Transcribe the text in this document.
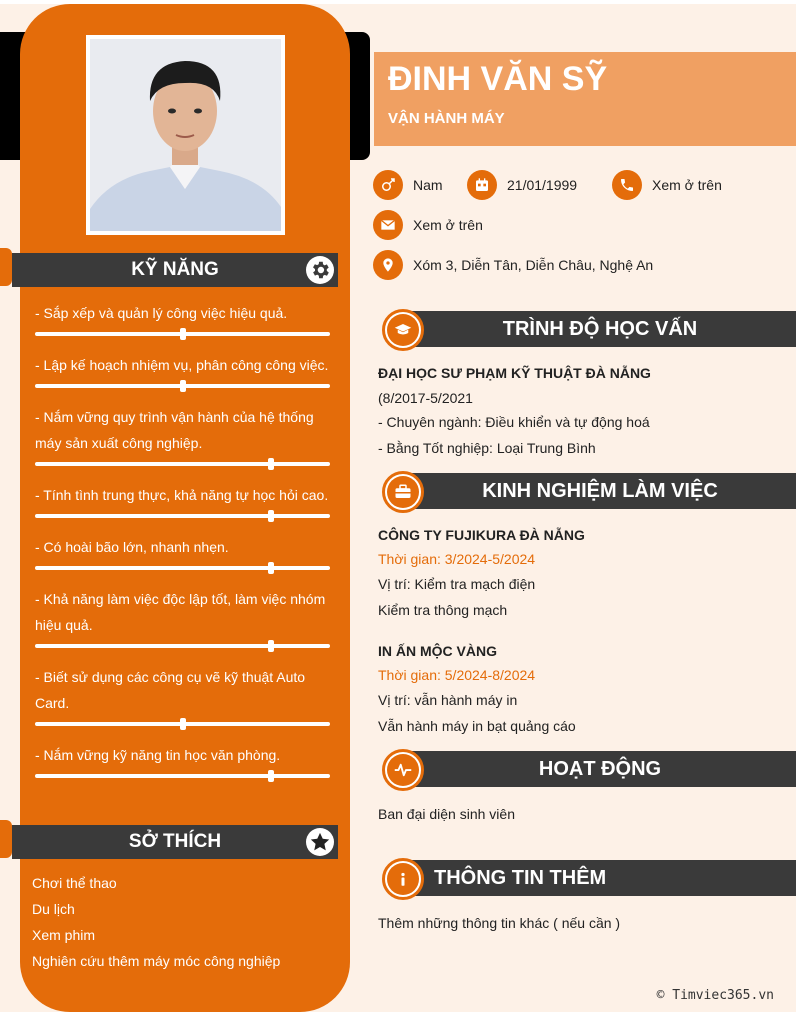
KỸ NĂNG
- Sắp xếp và quản lý công việc hiệu quả.
- Lập kế hoạch nhiệm vụ, phân công công việc.
- Nắm vững quy trình vận hành của hệ thống máy sản xuất công nghiệp.
- Tính tình trung thực, khả năng tự học hỏi cao.
- Có hoài bão lớn, nhanh nhẹn.
- Khả năng làm việc độc lập tốt, làm việc nhóm hiệu quả.
- Biết sử dụng các công cụ vẽ kỹ thuật Auto Card.
- Nắm vững kỹ năng tin học văn phòng.
SỞ THÍCH
Chơi thể thao
Du lịch
Xem phim
Nghiên cứu thêm máy móc công nghiệp
ĐINH VĂN SỸ
VẬN HÀNH MÁY
Nam	21/01/1999	Xem ở trên
Xem ở trên
Xóm 3, Diễn Tân, Diễn Châu, Nghệ An
TRÌNH ĐỘ HỌC VẤN
ĐẠI HỌC SƯ PHẠM KỸ THUẬT ĐÀ NẴNG
(8/2017-5/2021
- Chuyên ngành: Điều khiển và tự động hoá
- Bằng Tốt nghiệp: Loại Trung Bình
KINH NGHIỆM LÀM VIỆC
CÔNG TY FUJIKURA ĐÀ NẴNG
Thời gian: 3/2024-5/2024
Vị trí: Kiểm tra mạch điện
Kiểm tra thông mạch
IN ẤN MỘC VÀNG
Thời gian: 5/2024-8/2024
Vị trí: vẫn hành máy in
Vẫn hành máy in bạt quảng cáo
HOẠT ĐỘNG
Ban đại diện sinh viên
THÔNG TIN THÊM
Thêm những thông tin khác ( nếu cần )
© Timviec365.vn
